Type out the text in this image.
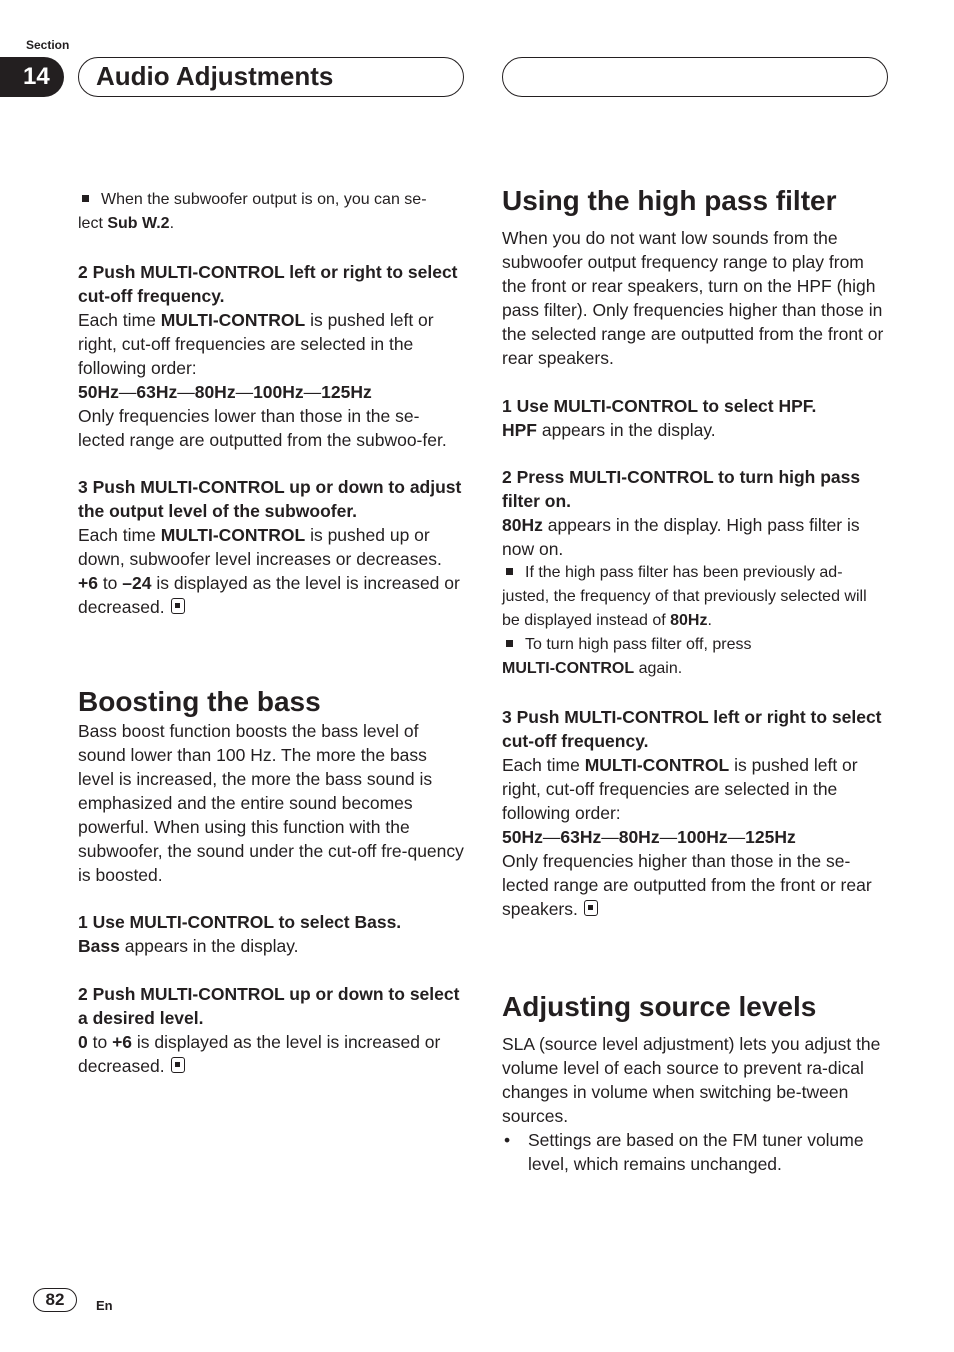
Section
14	Audio Adjustments

When the subwoofer output is on, you can se-
lect Sub W.2.

2 Push MULTI-CONTROL left or right to select cut-off frequency.

Each time MULTI-CONTROL is pushed left or right, cut-off frequencies are selected in the following order:

50Hz—63Hz—80Hz—100Hz—125Hz

Only frequencies lower than those in the se-lected range are outputted from the subwoo-fer.

3 Push MULTI-CONTROL up or down to adjust the output level of the subwoofer.

Each time MULTI-CONTROL is pushed up or down, subwoofer level increases or decreases. +6 to –24 is displayed as the level is increased or decreased.

Boosting the bass

Bass boost function boosts the bass level of sound lower than 100 Hz. The more the bass level is increased, the more the bass sound is emphasized and the entire sound becomes powerful. When using this function with the subwoofer, the sound under the cut-off fre-quency is boosted.

1 Use MULTI-CONTROL to select Bass.

Bass appears in the display.

2 Push MULTI-CONTROL up or down to select a desired level.

0 to +6 is displayed as the level is increased or decreased.

Using the high pass filter

When you do not want low sounds from the subwoofer output frequency range to play from the front or rear speakers, turn on the HPF (high pass filter). Only frequencies higher than those in the selected range are outputted from the front or rear speakers.

1 Use MULTI-CONTROL to select HPF.

HPF appears in the display.

2 Press MULTI-CONTROL to turn high pass filter on.

80Hz appears in the display. High pass filter is now on.

If the high pass filter has been previously ad-justed, the frequency of that previously selected will be displayed instead of 80Hz.

To turn high pass filter off, press
MULTI-CONTROL again.

3 Push MULTI-CONTROL left or right to select cut-off frequency.

Each time MULTI-CONTROL is pushed left or right, cut-off frequencies are selected in the following order:

50Hz—63Hz—80Hz—100Hz—125Hz

Only frequencies higher than those in the se-lected range are outputted from the front or rear speakers.

Adjusting source levels

SLA (source level adjustment) lets you adjust the volume level of each source to prevent ra-dical changes in volume when switching be-tween sources.

• Settings are based on the FM tuner volume level, which remains unchanged.

82	En
